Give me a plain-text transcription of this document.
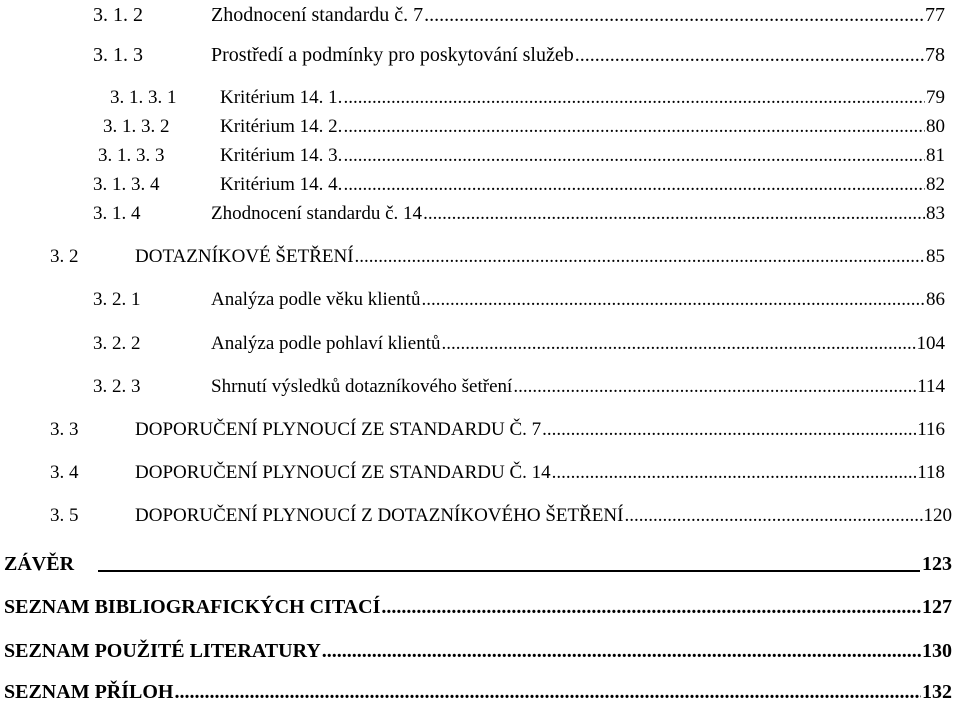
3. 1. 2	Zhodnocení standardu č. 7 .....	77
3. 1. 3	Prostředí a podmínky pro poskytování služeb .....	78
3. 1. 3. 1	Kritérium 14. 1. .....	79
3. 1. 3. 2	Kritérium 14. 2. .....	80
3. 1. 3. 3	Kritérium 14. 3. .....	81
3. 1. 3. 4	Kritérium 14. 4. .....	82
3. 1. 4	Zhodnocení standardu č. 14 .....	83
3. 2	DOTAZNÍKOVÉ ŠETŘENÍ .....	85
3. 2. 1	Analýza podle věku klientů .....	86
3. 2. 2	Analýza podle pohlaví klientů .....	104
3. 2. 3	Shrnutí výsledků dotazníkového šetření .....	114
3. 3	DOPORUČENÍ PLYNOUCÍ ZE STANDARDU Č. 7 .....	116
3. 4	DOPORUČENÍ PLYNOUCÍ ZE STANDARDU Č. 14 .....	118
3. 5	DOPORUČENÍ PLYNOUCÍ Z DOTAZNÍKOVÉHO ŠETŘENÍ .....	120
ZÁVĚR	123
SEZNAM BIBLIOGRAFICKÝCH CITACÍ .....	127
SEZNAM POUŽITÉ LITERATURY .....	130
SEZNAM PŘÍLOH .....	132
